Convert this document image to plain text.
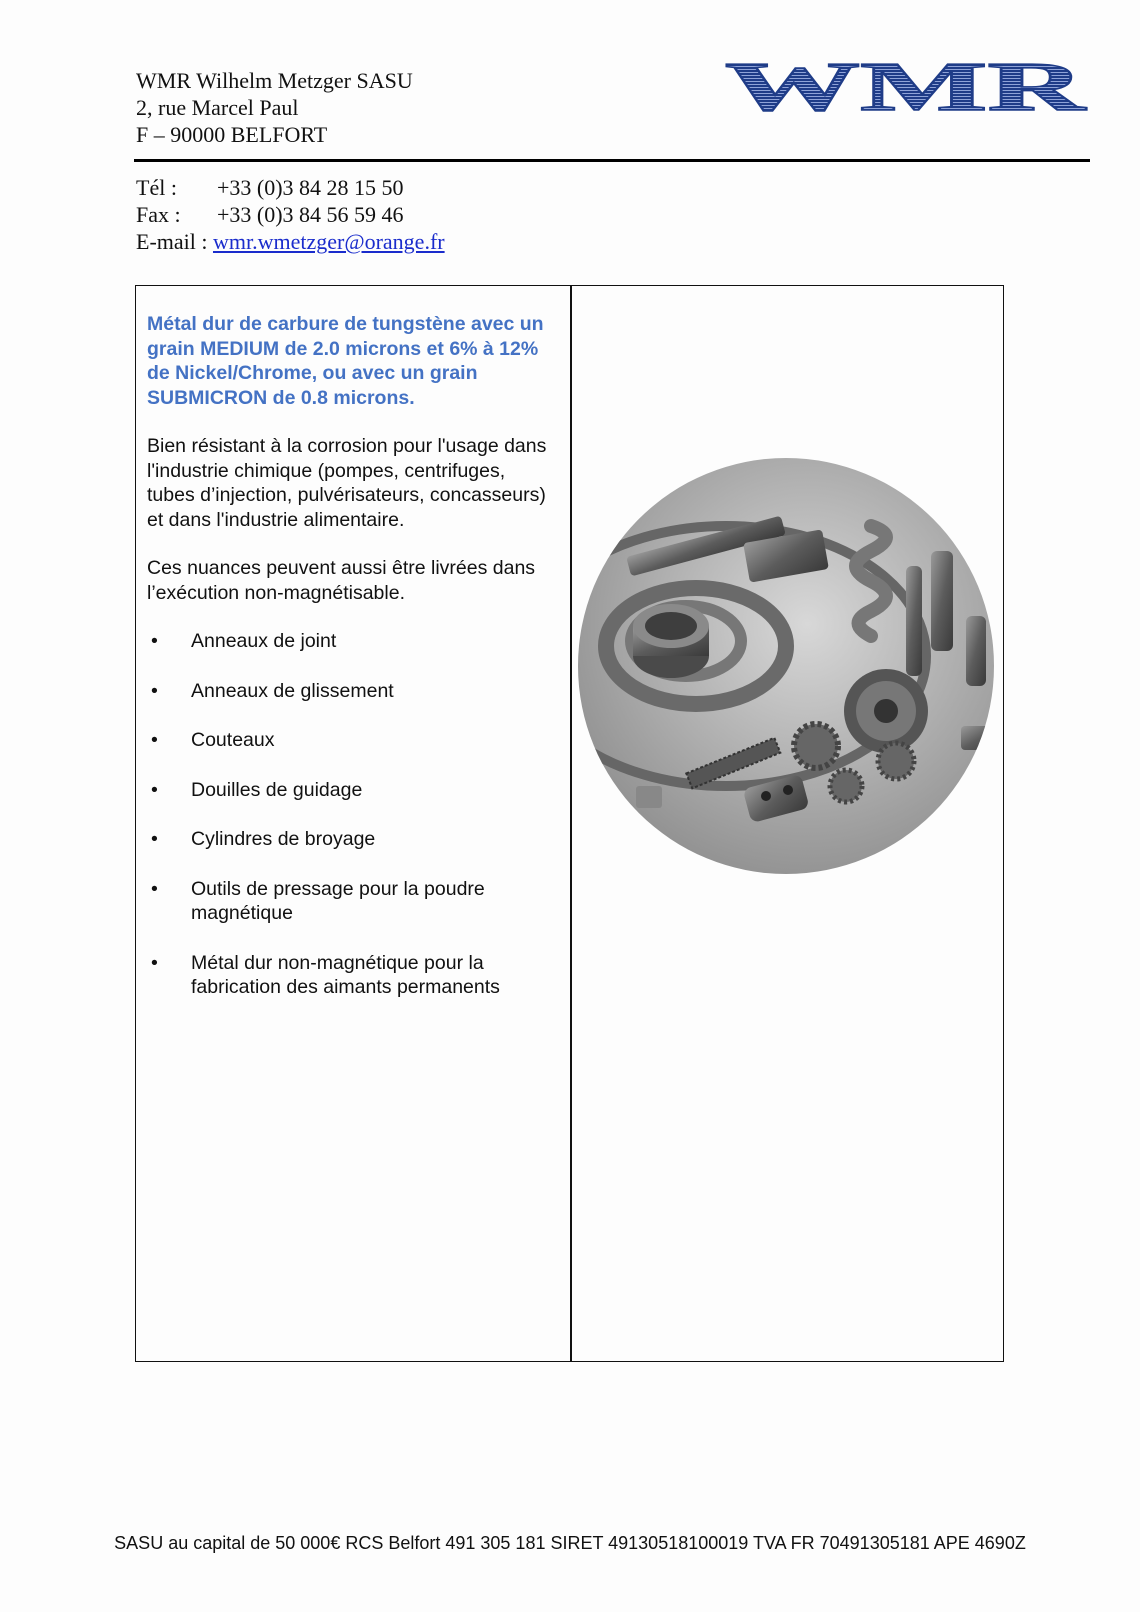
WMR Wilhelm Metzger SASU
2, rue Marcel Paul
F – 90000 BELFORT
WMR
Tél : +33 (0)3 84 28 15 50
Fax : +33 (0)3 84 56 59 46
E-mail : wmr.wmetzger@orange.fr

Métal dur de carbure de tungstène avec un grain MEDIUM de 2.0 microns et 6% à 12% de Nickel/Chrome, ou avec un grain SUBMICRON de 0.8 microns.

Bien résistant à la corrosion pour l'usage dans l'industrie chimique (pompes, centrifuges, tubes d’injection, pulvérisateurs, concasseurs) et dans l'industrie alimentaire.

Ces nuances peuvent aussi être livrées dans l’exécution non-magnétisable.

• Anneaux de joint
• Anneaux de glissement
• Couteaux
• Douilles de guidage
• Cylindres de broyage
• Outils de pressage pour la poudre magnétique
• Métal dur non-magnétique pour la fabrication des aimants permanents
SASU au capital de 50 000€ RCS Belfort 491 305 181 SIRET 49130518100019 TVA FR 70491305181 APE 4690Z
